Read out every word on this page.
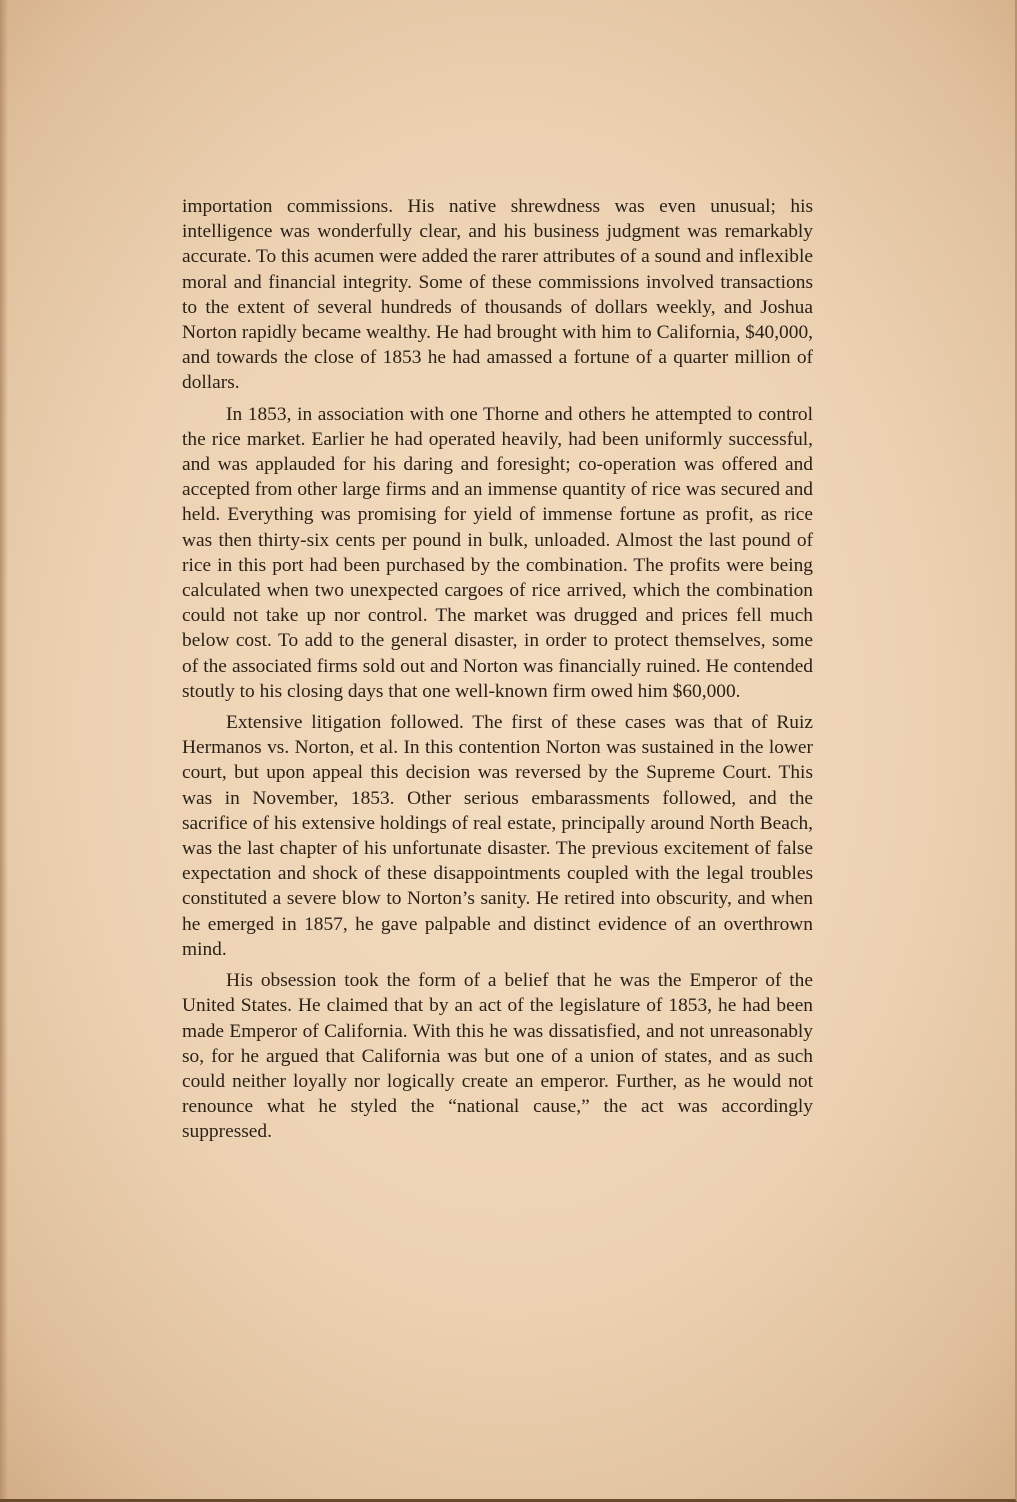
importation commissions. His native shrewdness was even unusual; his intelligence was wonderfully clear, and his business judgment was remarkably accurate. To this acumen were added the rarer attributes of a sound and inflexible moral and financial integrity. Some of these commissions involved transactions to the extent of several hundreds of thousands of dollars weekly, and Joshua Norton rapidly became wealthy. He had brought with him to California, $40,000, and towards the close of 1853 he had amassed a fortune of a quarter million of dollars.

In 1853, in association with one Thorne and others he attempted to control the rice market. Earlier he had operated heavily, had been uniformly successful, and was applauded for his daring and foresight; co-operation was offered and accepted from other large firms and an immense quantity of rice was secured and held. Everything was promising for yield of immense fortune as profit, as rice was then thirty-six cents per pound in bulk, unloaded. Almost the last pound of rice in this port had been purchased by the combination. The profits were being calculated when two unexpected cargoes of rice arrived, which the combination could not take up nor control. The market was drugged and prices fell much below cost. To add to the general disaster, in order to protect themselves, some of the associated firms sold out and Norton was financially ruined. He contended stoutly to his closing days that one well-known firm owed him $60,000.

Extensive litigation followed. The first of these cases was that of Ruiz Hermanos vs. Norton, et al. In this contention Norton was sustained in the lower court, but upon appeal this decision was reversed by the Supreme Court. This was in November, 1853. Other serious embarassments followed, and the sacrifice of his extensive holdings of real estate, principally around North Beach, was the last chapter of his unfortunate disaster. The previous excitement of false expectation and shock of these disappointments coupled with the legal troubles constituted a severe blow to Norton’s sanity. He retired into obscurity, and when he emerged in 1857, he gave palpable and distinct evidence of an overthrown mind.

His obsession took the form of a belief that he was the Emperor of the United States. He claimed that by an act of the legislature of 1853, he had been made Emperor of California. With this he was dissatisfied, and not unreasonably so, for he argued that California was but one of a union of states, and as such could neither loyally nor logically create an emperor. Further, as he would not renounce what he styled the “national cause,” the act was accordingly suppressed.
